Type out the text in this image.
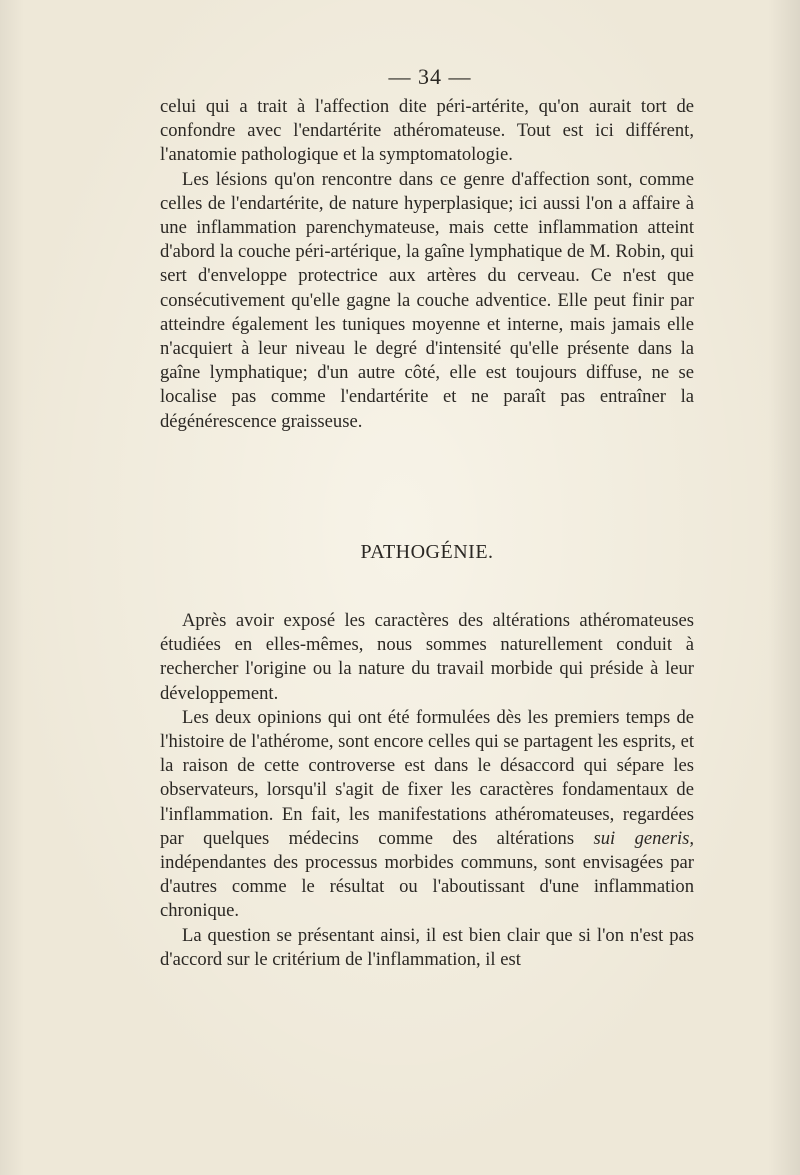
— 34 —

celui qui a trait à l'affection dite péri-artérite, qu'on aurait tort de confondre avec l'endartérite athéromateuse. Tout est ici différent, l'anatomie pathologique et la symptomatologie.

Les lésions qu'on rencontre dans ce genre d'affection sont, comme celles de l'endartérite, de nature hyperplasique; ici aussi l'on a affaire à une inflammation parenchymateuse, mais cette inflammation atteint d'abord la couche péri-artérique, la gaîne lymphatique de M. Robin, qui sert d'enveloppe protectrice aux artères du cerveau. Ce n'est que consécutivement qu'elle gagne la couche adventice. Elle peut finir par atteindre également les tuniques moyenne et interne, mais jamais elle n'acquiert à leur niveau le degré d'intensité qu'elle présente dans la gaîne lymphatique; d'un autre côté, elle est toujours diffuse, ne se localise pas comme l'endartérite et ne paraît pas entraîner la dégénérescence graisseuse.

PATHOGÉNIE.

Après avoir exposé les caractères des altérations athéromateuses étudiées en elles-mêmes, nous sommes naturellement conduit à rechercher l'origine ou la nature du travail morbide qui préside à leur développement.

Les deux opinions qui ont été formulées dès les premiers temps de l'histoire de l'athérome, sont encore celles qui se partagent les esprits, et la raison de cette controverse est dans le désaccord qui sépare les observateurs, lorsqu'il s'agit de fixer les caractères fondamentaux de l'inflammation. En fait, les manifestations athéromateuses, regardées par quelques médecins comme des altérations sui generis, indépendantes des processus morbides communs, sont envisagées par d'autres comme le résultat ou l'aboutissant d'une inflammation chronique.

La question se présentant ainsi, il est bien clair que si l'on n'est pas d'accord sur le critérium de l'inflammation, il est
